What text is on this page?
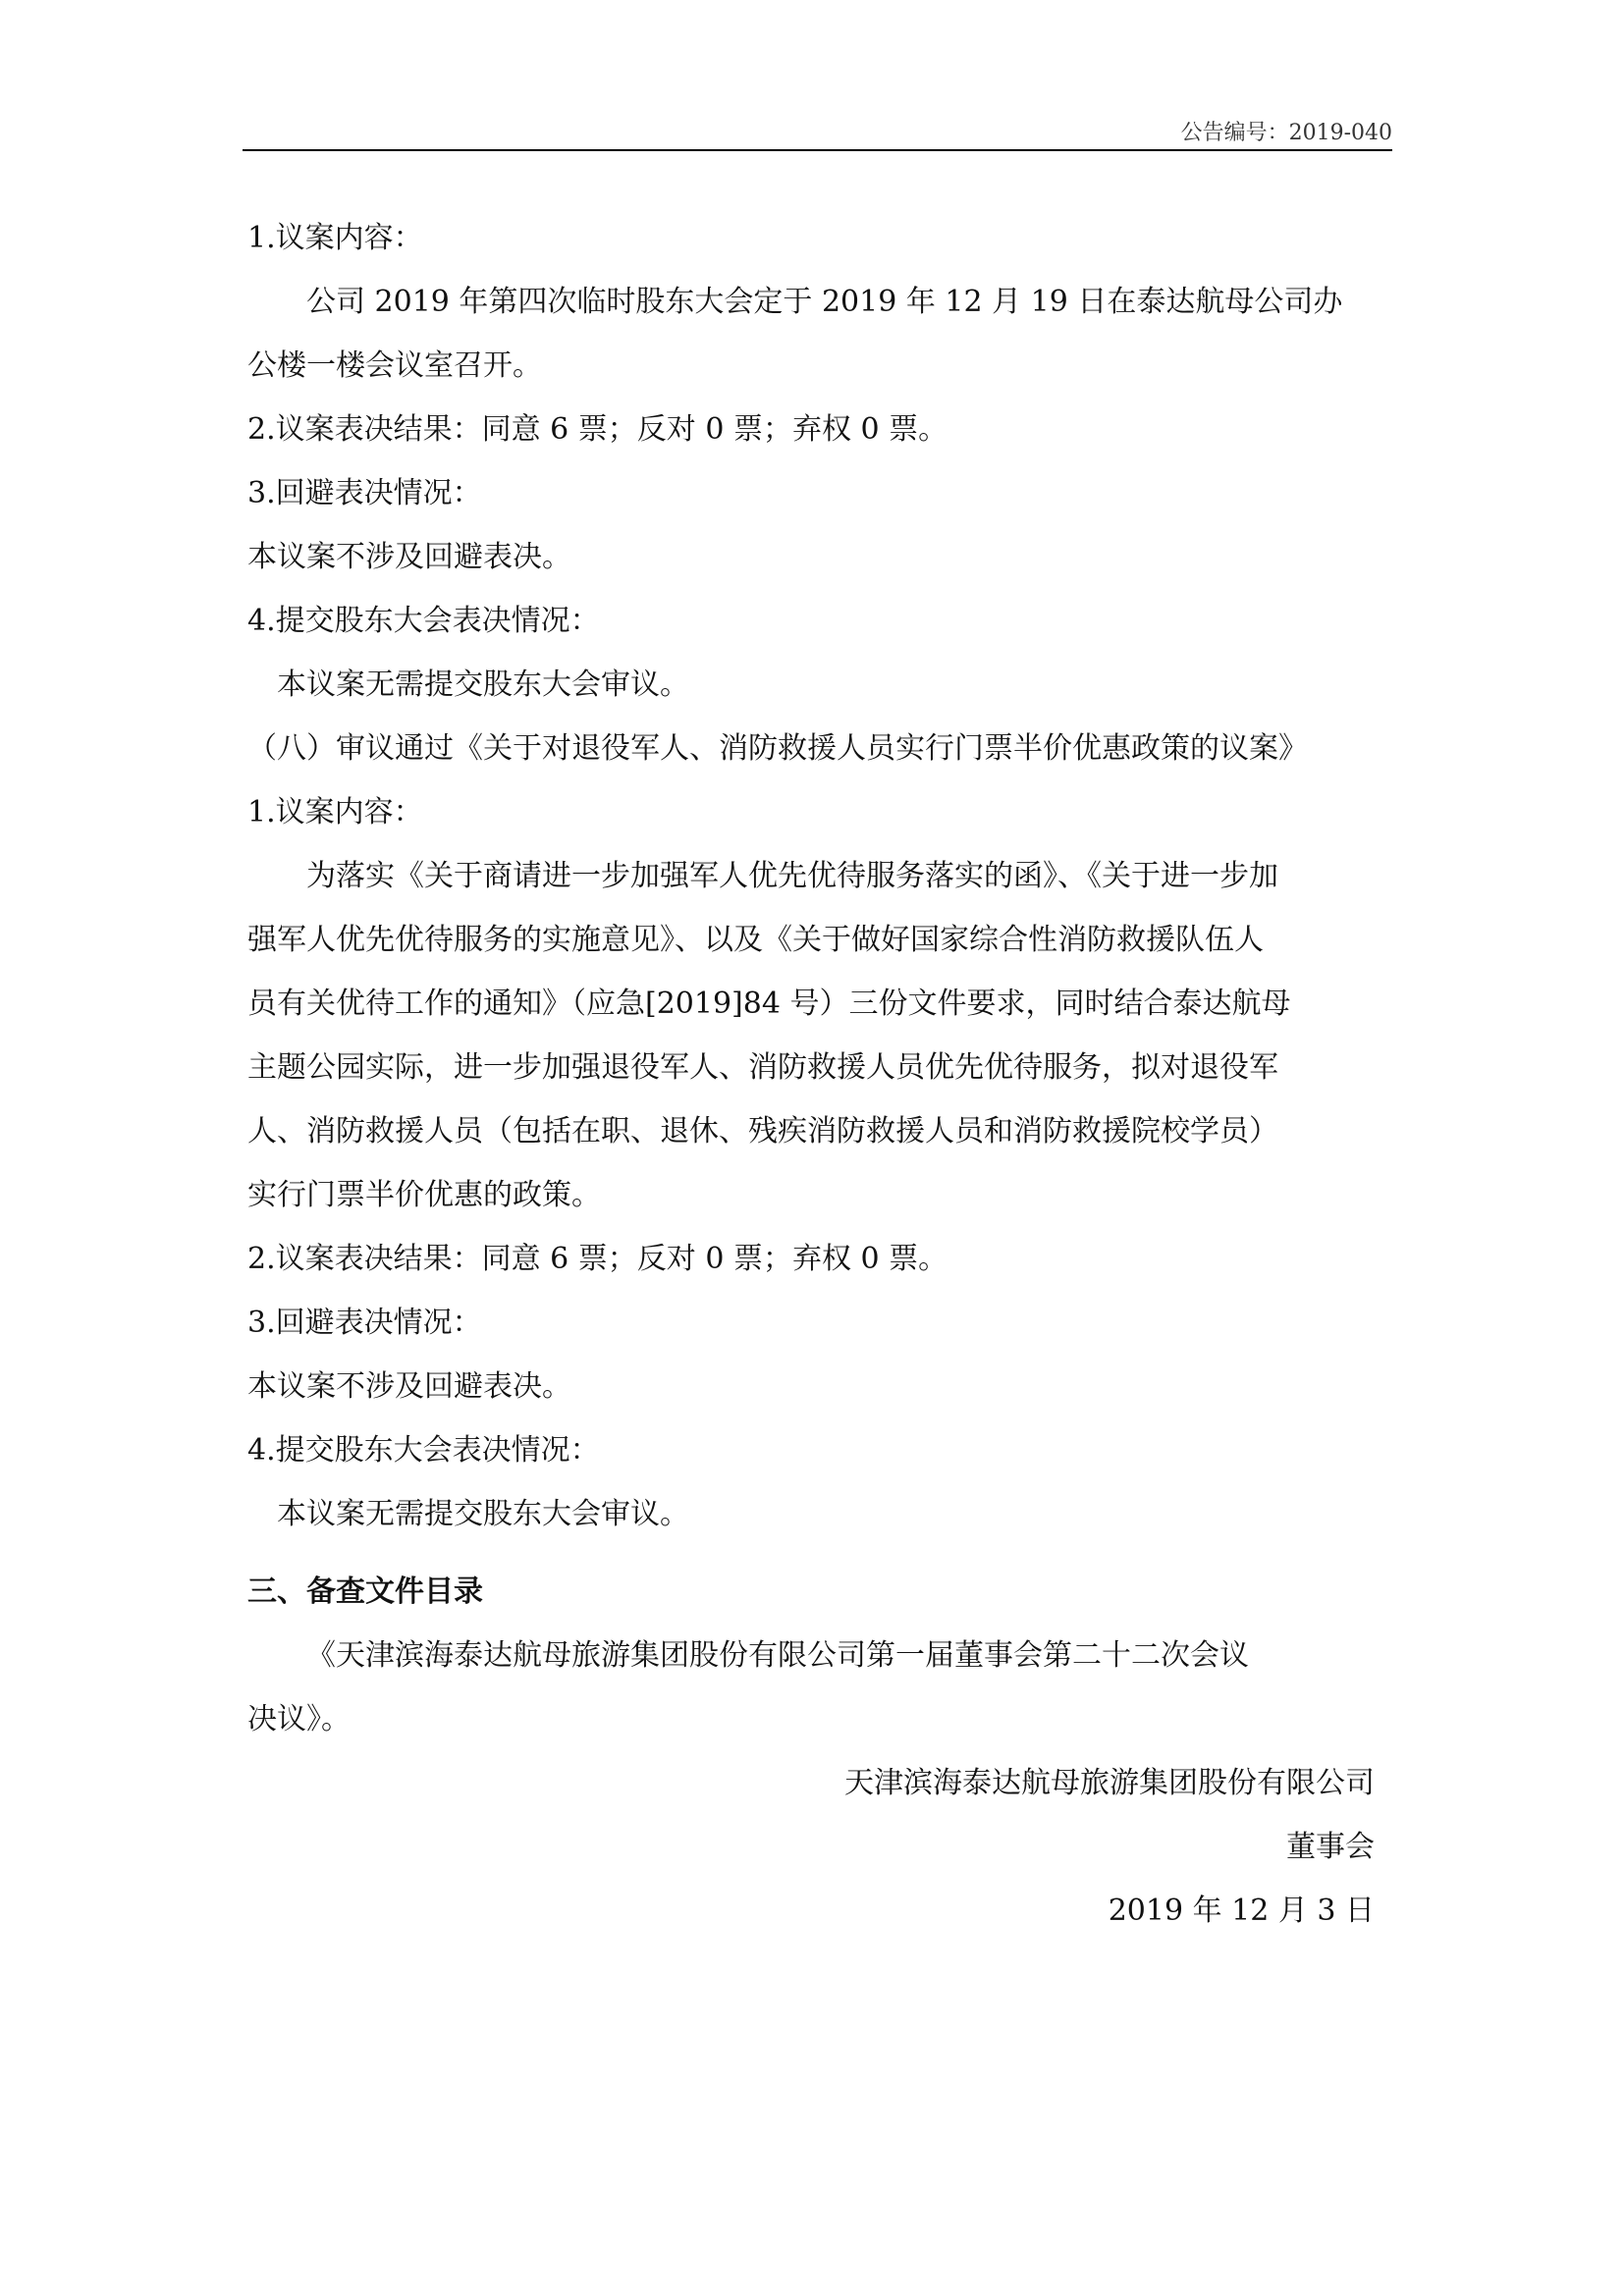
公告编号：2019-040

1.议案内容：

公司 2019 年第四次临时股东大会定于 2019 年 12 月 19 日在泰达航母公司办

公楼一楼会议室召开。

2.议案表决结果：同意 6 票；反对 0 票；弃权 0 票。

3.回避表决情况：

本议案不涉及回避表决。

4.提交股东大会表决情况：

本议案无需提交股东大会审议。

（八）审议通过《关于对退役军人、消防救援人员实行门票半价优惠政策的议案》

1.议案内容：

为落实《关于商请进一步加强军人优先优待服务落实的函》、《关于进一步加

强军人优先优待服务的实施意见》、以及《关于做好国家综合性消防救援队伍人

员有关优待工作的通知》（应急[2019]84 号）三份文件要求，同时结合泰达航母

主题公园实际，进一步加强退役军人、消防救援人员优先优待服务，拟对退役军

人、消防救援人员（包括在职、退休、残疾消防救援人员和消防救援院校学员）

实行门票半价优惠的政策。

2.议案表决结果：同意 6 票；反对 0 票；弃权 0 票。

3.回避表决情况：

本议案不涉及回避表决。

4.提交股东大会表决情况：

本议案无需提交股东大会审议。

三、备查文件目录

《天津滨海泰达航母旅游集团股份有限公司第一届董事会第二十二次会议

决议》。

天津滨海泰达航母旅游集团股份有限公司

董事会

2019 年 12 月 3 日
